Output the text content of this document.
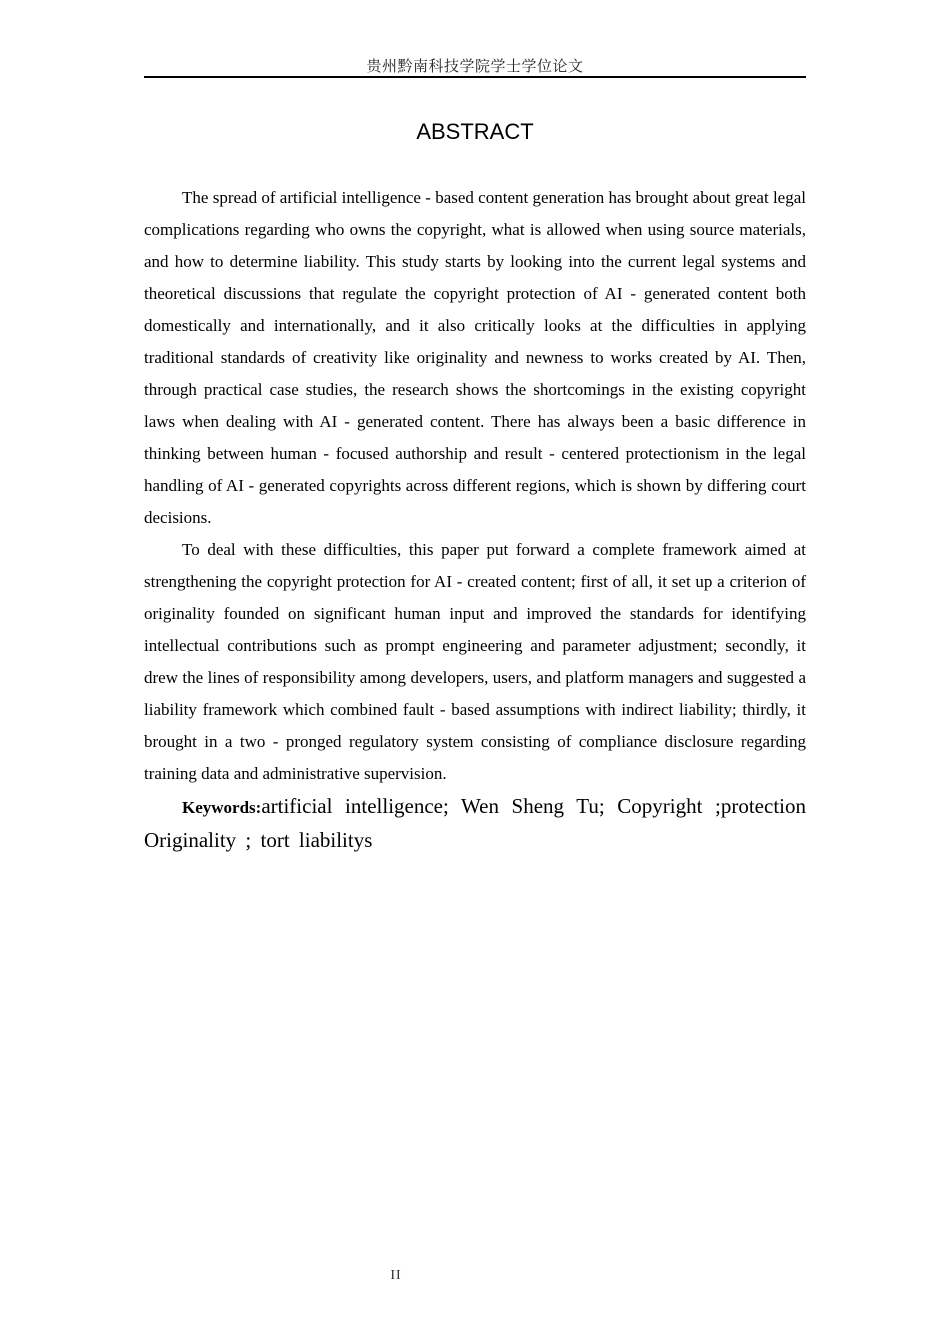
贵州黔南科技学院学士学位论文
ABSTRACT

The spread of artificial intelligence - based content generation has brought about great legal complications regarding who owns the copyright, what is allowed when using source materials, and how to determine liability. This study starts by looking into the current legal systems and theoretical discussions that regulate the copyright protection of AI - generated content both domestically and internationally, and it also critically looks at the difficulties in applying traditional standards of creativity like originality and newness to works created by AI. Then, through practical case studies, the research shows the shortcomings in the existing copyright laws when dealing with AI - generated content. There has always been a basic difference in thinking between human - focused authorship and result - centered protectionism in the legal handling of AI - generated copyrights across different regions, which is shown by differing court decisions.

To deal with these difficulties, this paper put forward a complete framework aimed at strengthening the copyright protection for AI - created content; first of all, it set up a criterion of originality founded on significant human input and improved the standards for identifying intellectual contributions such as prompt engineering and parameter adjustment; secondly, it drew the lines of responsibility among developers, users, and platform managers and suggested a liability framework which combined fault - based assumptions with indirect liability; thirdly, it brought in a two - pronged regulatory system consisting of compliance disclosure regarding training data and administrative supervision.

Keywords:artificial intelligence; Wen Sheng Tu; Copyright ;protection Originality ; tort liabilitys

II
